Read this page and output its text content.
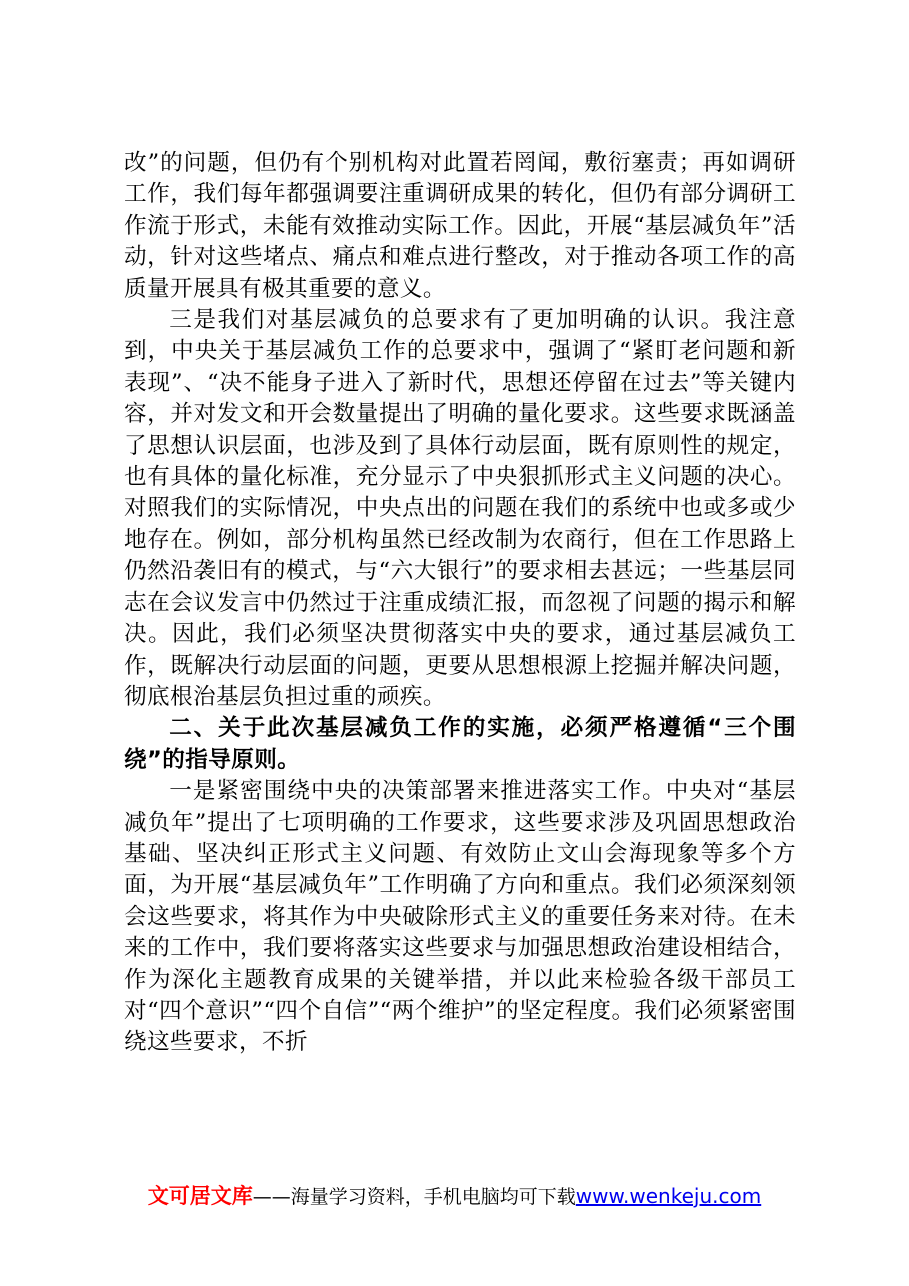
改”的问题，但仍有个别机构对此置若罔闻，敷衍塞责；再如调研工作，我们每年都强调要注重调研成果的转化，但仍有部分调研工作流于形式，未能有效推动实际工作。因此，开展“基层减负年”活动，针对这些堵点、痛点和难点进行整改，对于推动各项工作的高质量开展具有极其重要的意义。

三是我们对基层减负的总要求有了更加明确的认识。我注意到，中央关于基层减负工作的总要求中，强调了“紧盯老问题和新表现”、“决不能身子进入了新时代，思想还停留在过去”等关键内容，并对发文和开会数量提出了明确的量化要求。这些要求既涵盖了思想认识层面，也涉及到了具体行动层面，既有原则性的规定，也有具体的量化标准，充分显示了中央狠抓形式主义问题的决心。对照我们的实际情况，中央点出的问题在我们的系统中也或多或少地存在。例如，部分机构虽然已经改制为农商行，但在工作思路上仍然沿袭旧有的模式，与“六大银行”的要求相去甚远；一些基层同志在会议发言中仍然过于注重成绩汇报，而忽视了问题的揭示和解决。因此，我们必须坚决贯彻落实中央的要求，通过基层减负工作，既解决行动层面的问题，更要从思想根源上挖掘并解决问题，彻底根治基层负担过重的顽疾。

二、关于此次基层减负工作的实施，必须严格遵循“三个围绕”的指导原则。

一是紧密围绕中央的决策部署来推进落实工作。中央对“基层减负年”提出了七项明确的工作要求，这些要求涉及巩固思想政治基础、坚决纠正形式主义问题、有效防止文山会海现象等多个方面，为开展“基层减负年”工作明确了方向和重点。我们必须深刻领会这些要求，将其作为中央破除形式主义的重要任务来对待。在未来的工作中，我们要将落实这些要求与加强思想政治建设相结合，作为深化主题教育成果的关键举措，并以此来检验各级干部员工对“四个意识”“四个自信”“两个维护”的坚定程度。我们必须紧密围绕这些要求，不折

文可居文库——海量学习资料，手机电脑均可下载www.wenkeju.com
